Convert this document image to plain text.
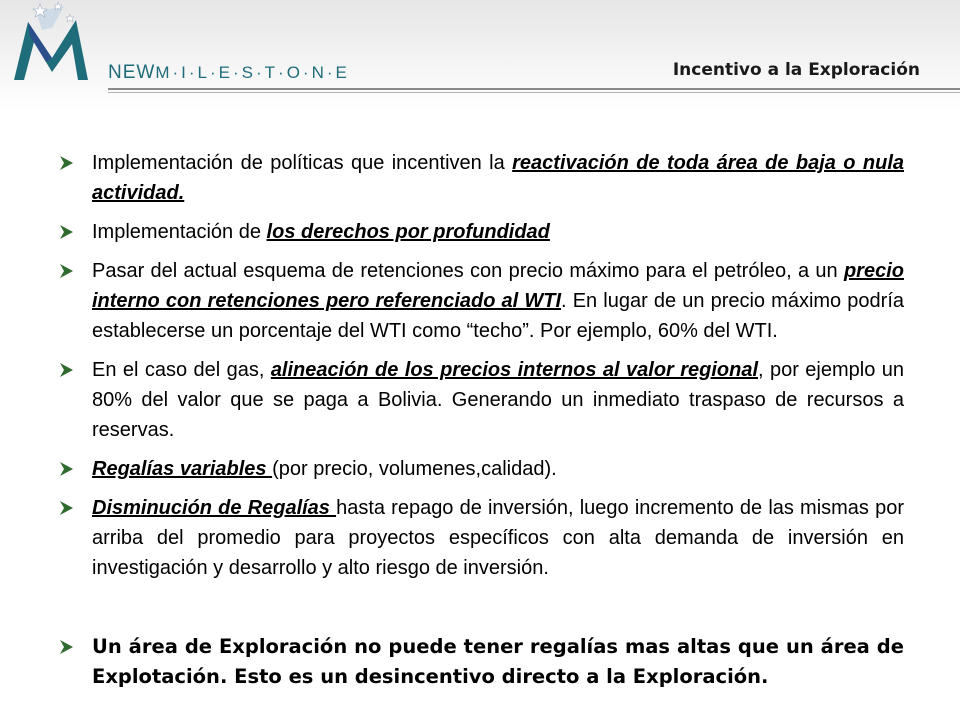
NEWM·I·L·E·S·T·O·N·E	Incentivo a la Exploración
Implementación de políticas que incentiven la reactivación de toda área de baja o nula actividad.
Implementación de los derechos por profundidad
Pasar del actual esquema de retenciones con precio máximo para el petróleo, a un precio interno con retenciones pero referenciado al WTI. En lugar de un precio máximo podría establecerse un porcentaje del WTI como “techo”. Por ejemplo, 60% del WTI.
En el caso del gas, alineación de los precios internos al valor regional, por ejemplo un 80% del valor que se paga a Bolivia. Generando un inmediato traspaso de recursos a reservas.
Regalías variables (por precio, volumenes,calidad).
Disminución de Regalías hasta repago de inversión, luego incremento de las mismas por arriba del promedio para proyectos específicos con alta demanda de inversión en investigación y desarrollo y alto riesgo de inversión.
Un área de Exploración no puede tener regalías mas altas que un área de Explotación. Esto es un desincentivo directo a la Exploración.
